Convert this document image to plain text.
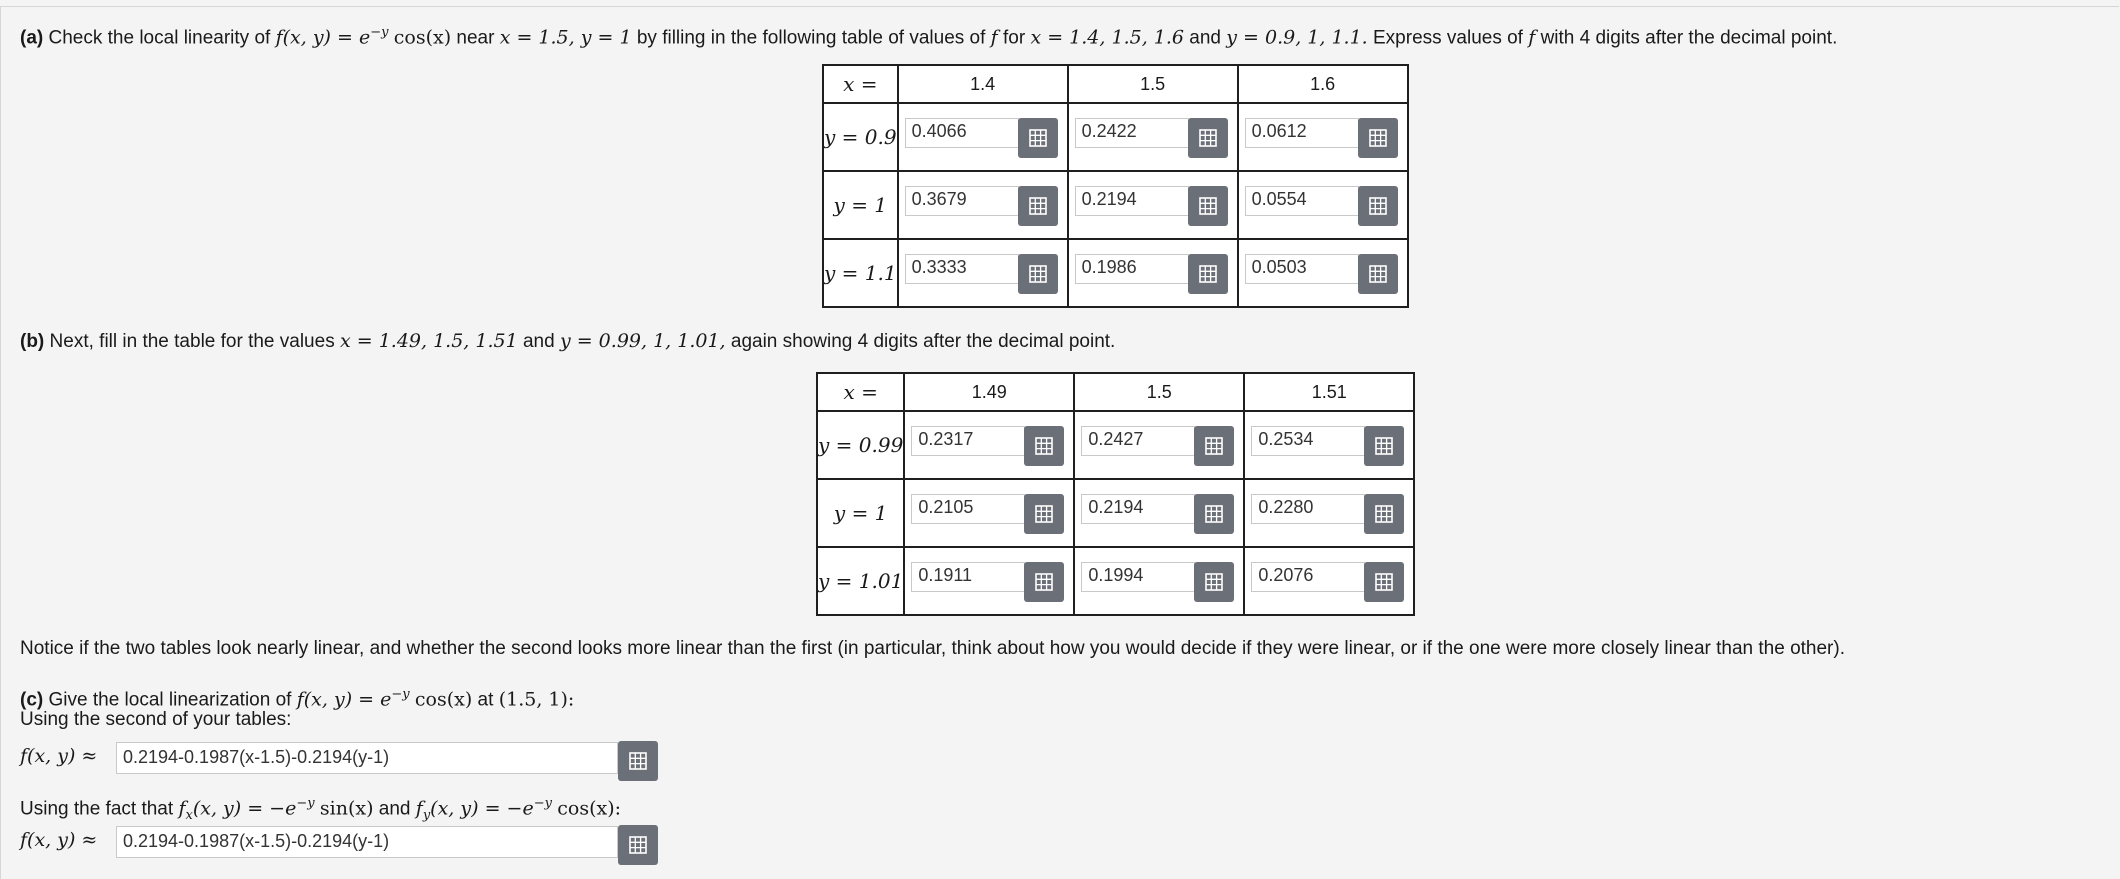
(a) Check the local linearity of f(x, $y) = e^{-y}$ cos(x) near x = 1.5, y = 1 by filling in the following table of values of f for x = 1.4, 1.5, 1.6 and y = 0.9, 1, 1.1. Express values of f with 4 digits after the decimal point.
x =	1.4	1.5	1.6
y = 0.9	0.4066	0.2422	0.0612

y = 1	0.3679	0.2194	0.0554

y = 1.1	0.3333	0.1986	0.0503
(b) Next, fill in the table for the values x = 1.49, 1.5, 1.51 and y = 0.99, 1, 1.01, again showing 4 digits after the decimal point.
x =	1.49	1.5	1.51
y = 0.99	0.2317	0.2427	0.2534

y = 1	0.2105	0.2194	0.2280

y = 1.01	0.1911	0.1994	0.2076
Notice if the two tables look nearly linear, and whether the second looks more linear than the first (in particular, think about how you would decide if they were linear, or if the one were more closely linear than the other).
(c) Give the local linearization of f(x, $y) = e^{-y}$ cos(x) at (1.5, 1):
Using the second of your tables:
f(x, y) ≈	0.2194-0.1987(x-1.5)-0.2194(y-1)
Using the fact that $f_x(x$, $y) = -e^{-y}$ sin(x) and $f_y(x$, $y) = -e^{-y}$ cos(x):
f(x, y) ≈	0.2194-0.1987(x-1.5)-0.2194(y-1)
